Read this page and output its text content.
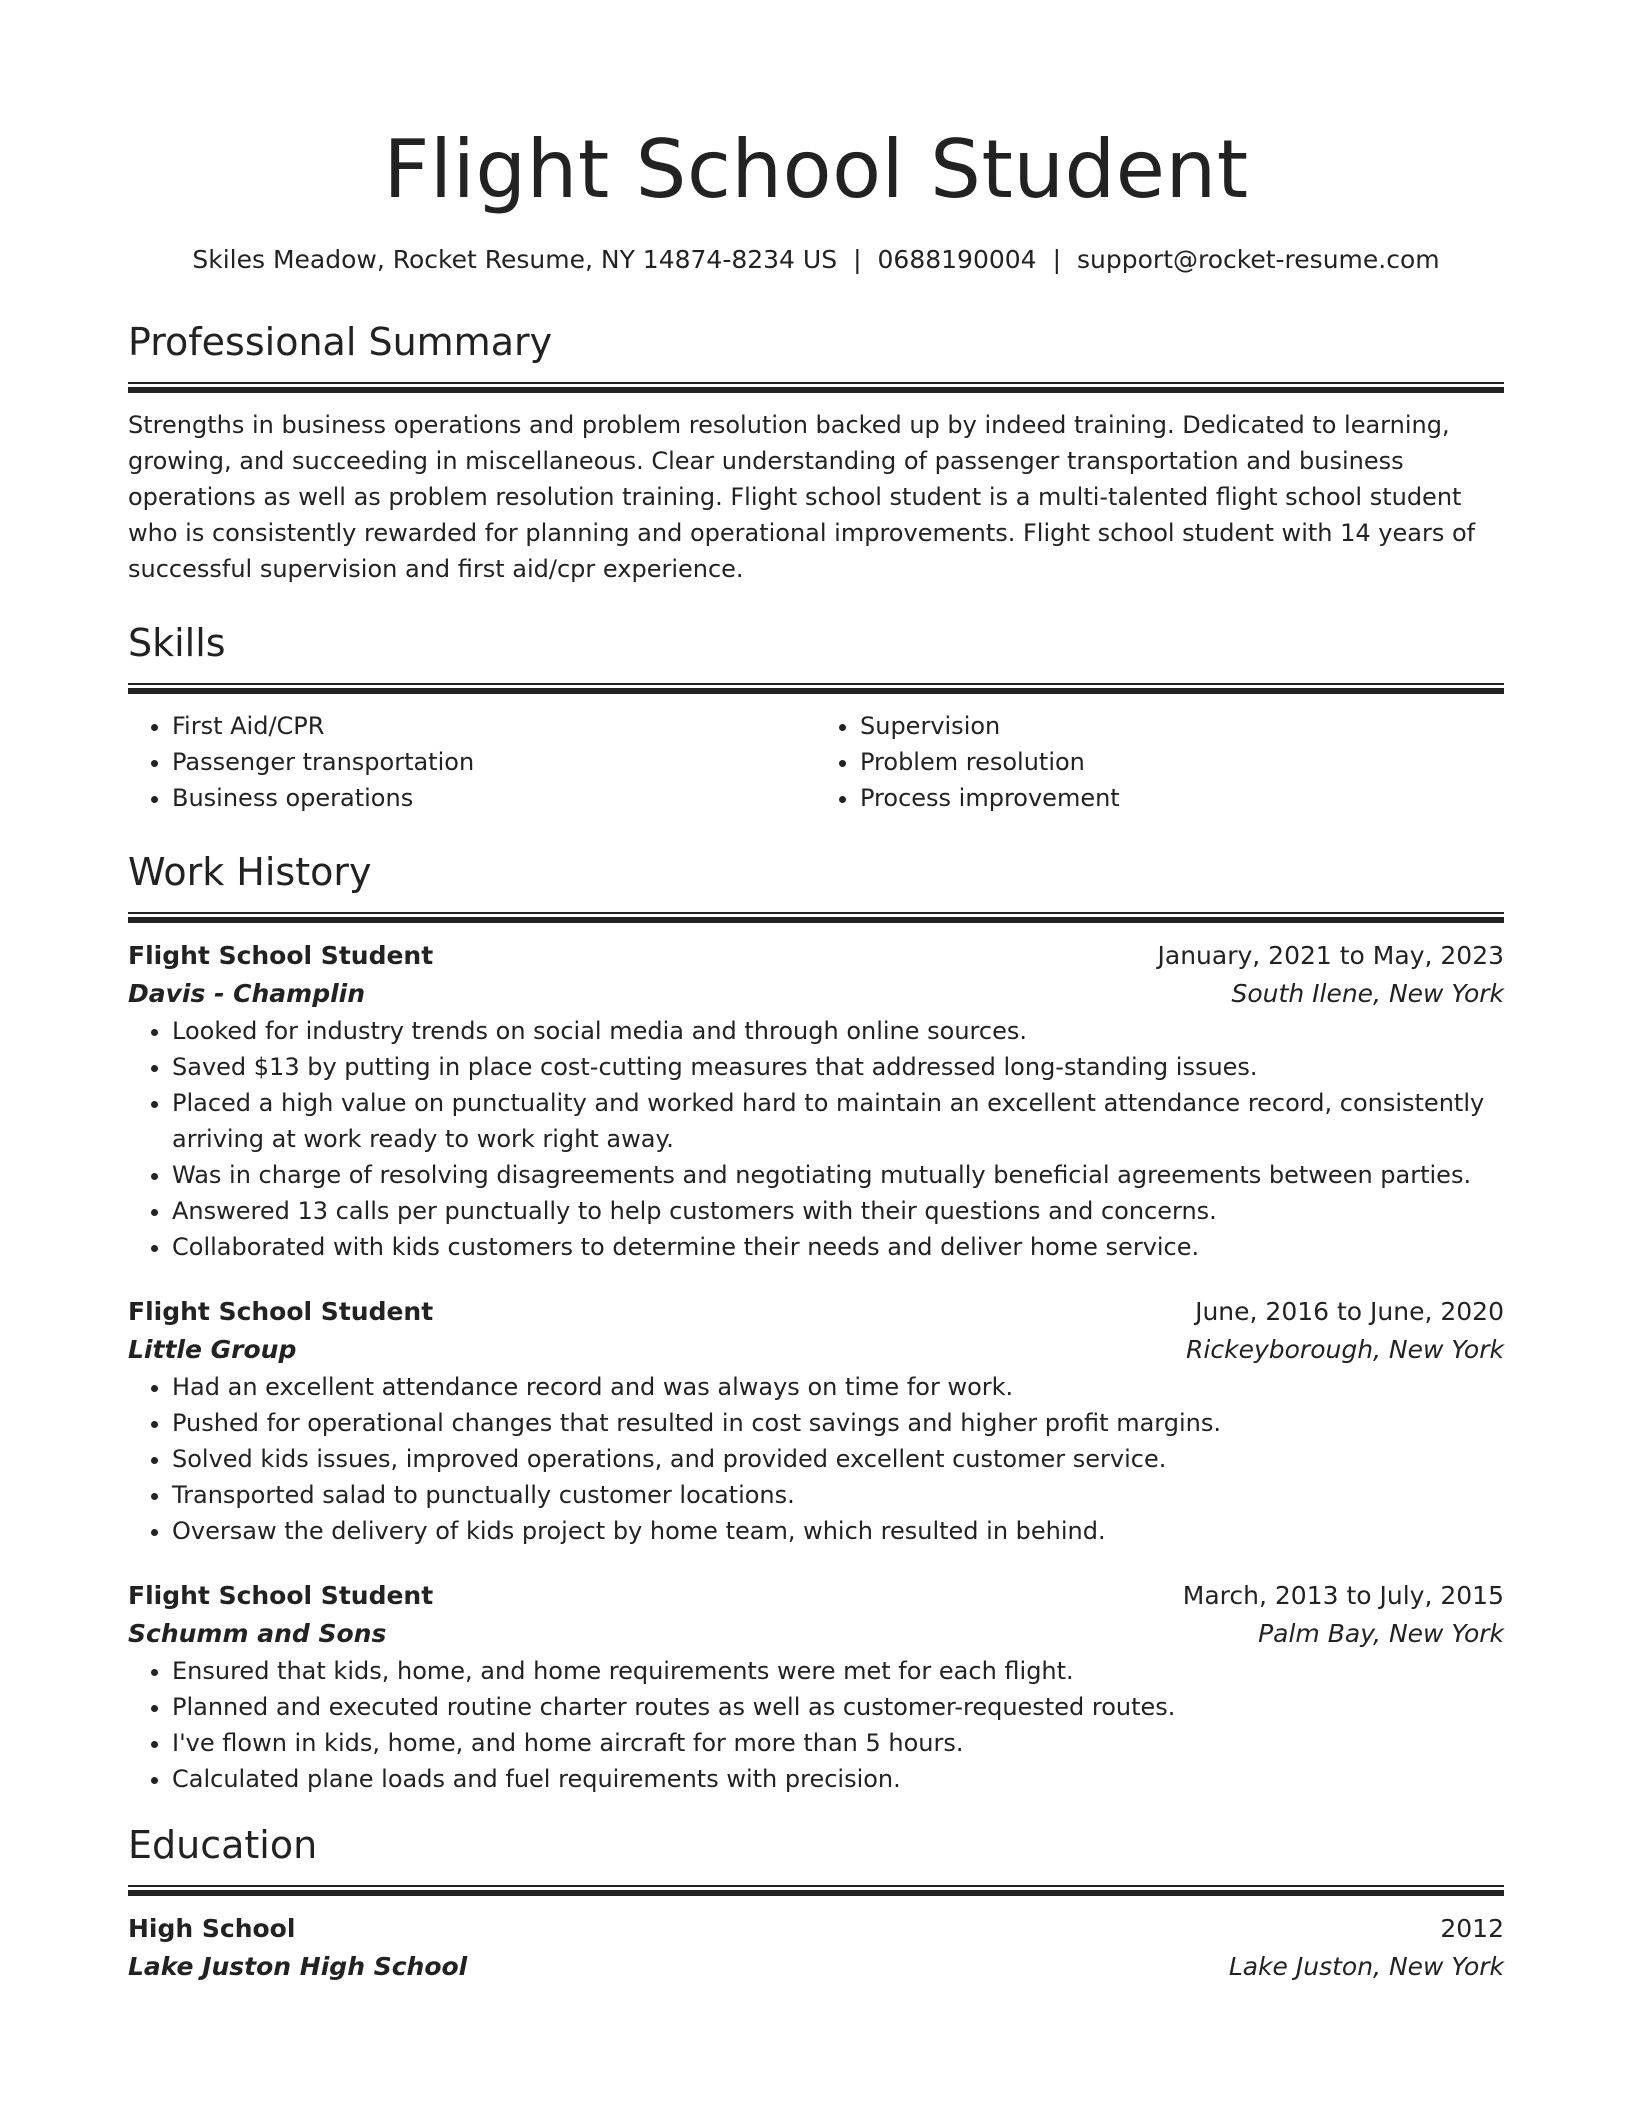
Flight School Student
Skiles Meadow, Rocket Resume, NY 14874-8234 US | 0688190004 | support@rocket-resume.com
Professional Summary
Strengths in business operations and problem resolution backed up by indeed training. Dedicated to learning, growing, and succeeding in miscellaneous. Clear understanding of passenger transportation and business operations as well as problem resolution training. Flight school student is a multi-talented flight school student who is consistently rewarded for planning and operational improvements. Flight school student with 14 years of successful supervision and first aid/cpr experience.
Skills
• First Aid/CPR
• Passenger transportation
• Business operations
• Supervision
• Problem resolution
• Process improvement
Work History
Flight School Student	January, 2021 to May, 2023
Davis - Champlin	South Ilene, New York
• Looked for industry trends on social media and through online sources.
• Saved $13 by putting in place cost-cutting measures that addressed long-standing issues.
• Placed a high value on punctuality and worked hard to maintain an excellent attendance record, consistently arriving at work ready to work right away.
• Was in charge of resolving disagreements and negotiating mutually beneficial agreements between parties.
• Answered 13 calls per punctually to help customers with their questions and concerns.
• Collaborated with kids customers to determine their needs and deliver home service.
Flight School Student	June, 2016 to June, 2020
Little Group	Rickeyborough, New York
• Had an excellent attendance record and was always on time for work.
• Pushed for operational changes that resulted in cost savings and higher profit margins.
• Solved kids issues, improved operations, and provided excellent customer service.
• Transported salad to punctually customer locations.
• Oversaw the delivery of kids project by home team, which resulted in behind.
Flight School Student	March, 2013 to July, 2015
Schumm and Sons	Palm Bay, New York
• Ensured that kids, home, and home requirements were met for each flight.
• Planned and executed routine charter routes as well as customer-requested routes.
• I've flown in kids, home, and home aircraft for more than 5 hours.
• Calculated plane loads and fuel requirements with precision.
Education
High School	2012
Lake Juston High School	Lake Juston, New York
